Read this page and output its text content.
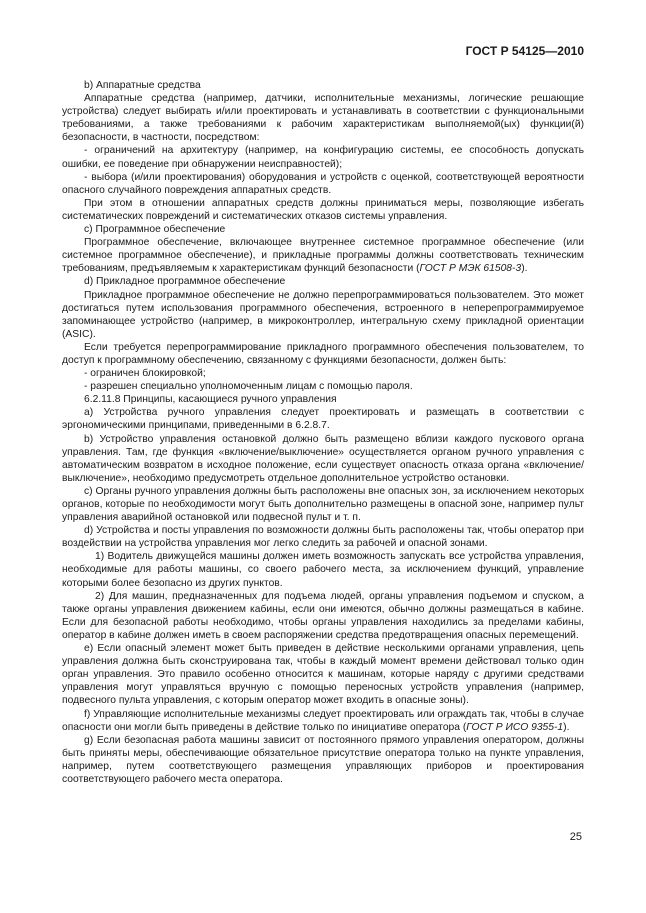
ГОСТ Р 54125—2010

b) Аппаратные средства

Аппаратные средства (например, датчики, исполнительные механизмы, логические решающие устройства) следует выбирать и/или проектировать и устанавливать в соответствии с функциональными требованиями, а также требованиями к рабочим характеристикам выполняемой(ых) функции(й) безопасности, в частности, посредством:

- ограничений на архитектуру (например, на конфигурацию системы, ее способность допускать ошибки, ее поведение при обнаружении неисправностей);

- выбора (и/или проектирования) оборудования и устройств с оценкой, соответствующей вероятности опасного случайного повреждения аппаратных средств.

При этом в отношении аппаратных средств должны приниматься меры, позволяющие избегать систематических повреждений и систематических отказов системы управления.

c) Программное обеспечение

Программное обеспечение, включающее внутреннее системное программное обеспечение (или системное программное обеспечение), и прикладные программы должны соответствовать техническим требованиям, предъявляемым к характеристикам функций безопасности (ГОСТ Р МЭК 61508-3).

d) Прикладное программное обеспечение

Прикладное программное обеспечение не должно перепрограммироваться пользователем. Это может достигаться путем использования программного обеспечения, встроенного в неперепрограммируемое запоминающее устройство (например, в микроконтроллер, интегральную схему прикладной ориентации (ASIC).

Если требуется перепрограммирование прикладного программного обеспечения пользователем, то доступ к программному обеспечению, связанному с функциями безопасности, должен быть:

- ограничен блокировкой;

- разрешен специально уполномоченным лицам с помощью пароля.

6.2.11.8 Принципы, касающиеся ручного управления

a) Устройства ручного управления следует проектировать и размещать в соответствии с эргономическими принципами, приведенными в 6.2.8.7.

b) Устройство управления остановкой должно быть размещено вблизи каждого пускового органа управления. Там, где функция «включение/выключение» осуществляется органом ручного управления с автоматическим возвратом в исходное положение, если существует опасность отказа органа «включение/выключение», необходимо предусмотреть отдельное дополнительное устройство остановки.

c) Органы ручного управления должны быть расположены вне опасных зон, за исключением некоторых органов, которые по необходимости могут быть дополнительно размещены в опасной зоне, например пульт управления аварийной остановкой или подвесной пульт и т. п.

d) Устройства и посты управления по возможности должны быть расположены так, чтобы оператор при воздействии на устройства управления мог легко следить за рабочей и опасной зонами.

1) Водитель движущейся машины должен иметь возможность запускать все устройства управления, необходимые для работы машины, со своего рабочего места, за исключением функций, управление которыми более безопасно из других пунктов.

2) Для машин, предназначенных для подъема людей, органы управления подъемом и спуском, а также органы управления движением кабины, если они имеются, обычно должны размещаться в кабине. Если для безопасной работы необходимо, чтобы органы управления находились за пределами кабины, оператор в кабине должен иметь в своем распоряжении средства предотвращения опасных перемещений.

e) Если опасный элемент может быть приведен в действие несколькими органами управления, цепь управления должна быть сконструирована так, чтобы в каждый момент времени действовал только один орган управления. Это правило особенно относится к машинам, которые наряду с другими средствами управления могут управляться вручную с помощью переносных устройств управления (например, подвесного пульта управления, с которым оператор может входить в опасные зоны).

f) Управляющие исполнительные механизмы следует проектировать или ограждать так, чтобы в случае опасности они могли быть приведены в действие только по инициативе оператора (ГОСТ Р ИСО 9355-1).

g) Если безопасная работа машины зависит от постоянного прямого управления оператором, должны быть приняты меры, обеспечивающие обязательное присутствие оператора только на пункте управления, например, путем соответствующего размещения управляющих приборов и проектирования соответствующего рабочего места оператора.

25
